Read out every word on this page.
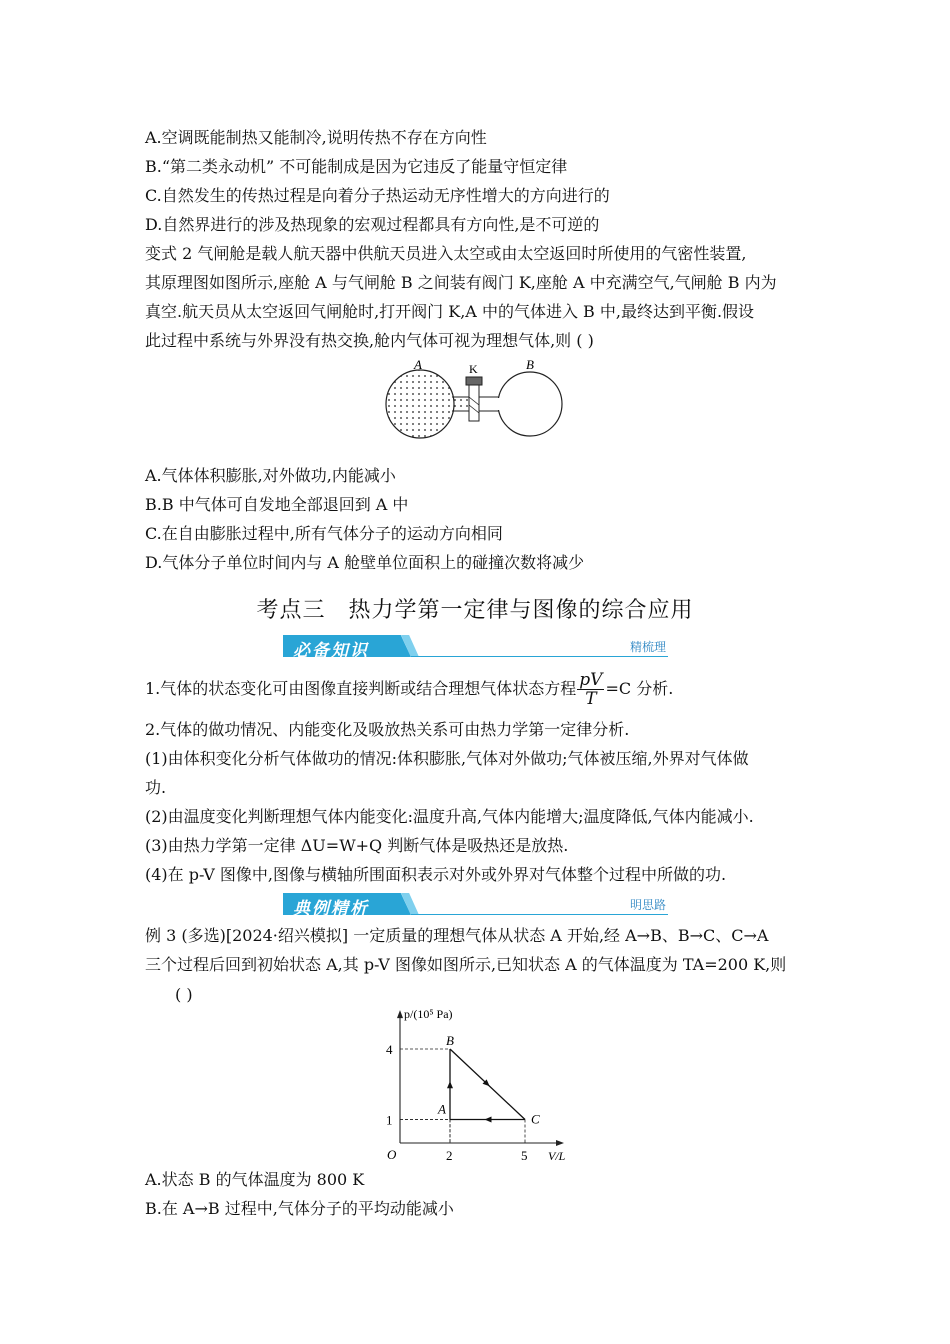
A.空调既能制热又能制冷,说明传热不存在方向性
B.“第二类永动机” 不可能制成是因为它违反了能量守恒定律
C.自然发生的传热过程是向着分子热运动无序性增大的方向进行的
D.自然界进行的涉及热现象的宏观过程都具有方向性,是不可逆的
变式 2 气闸舱是载人航天器中供航天员进入太空或由太空返回时所使用的气密性装置,
其原理图如图所示,座舱 A 与气闸舱 B 之间装有阀门 K,座舱 A 中充满空气,气闸舱 B 内为
真空.航天员从太空返回气闸舱时,打开阀门 K,A 中的气体进入 B 中,最终达到平衡.假设
此过程中系统与外界没有热交换,舱内气体可视为理想气体,则 ( )
A	K	B
A.气体体积膨胀,对外做功,内能减小
B.B 中气体可自发地全部退回到 A 中
C.在自由膨胀过程中,所有气体分子的运动方向相同
D.气体分子单位时间内与 A 舱壁单位面积上的碰撞次数将减少
考点三　热力学第一定律与图像的综合应用
必备知识	精梳理
1.气体的状态变化可由图像直接判断或结合理想气体状态方程 $\frac{pV}{T} =C$ 分析.
2.气体的做功情况、内能变化及吸放热关系可由热力学第一定律分析.
(1)由体积变化分析气体做功的情况:体积膨胀,气体对外做功;气体被压缩,外界对气体做
功.
(2)由温度变化判断理想气体内能变化:温度升高,气体内能增大;温度降低,气体内能减小.
(3)由热力学第一定律 ΔU=W+Q 判断气体是吸热还是放热.
(4)在 p-V 图像中,图像与横轴所围面积表示对外或外界对气体整个过程中所做的功.
典例精析	明思路
例 3 (多选)[2024·绍兴模拟] 一定质量的理想气体从状态 A 开始,经 A→B、B→C、C→A
三个过程后回到初始状态 A,其 p-V 图像如图所示,已知状态 A 的气体温度为 TA=200 K,则
( )
p/(10⁵ Pa)
V/L
O
1
4
2	5
A
B
C
A.状态 B 的气体温度为 800 K
B.在 A→B 过程中,气体分子的平均动能减小
